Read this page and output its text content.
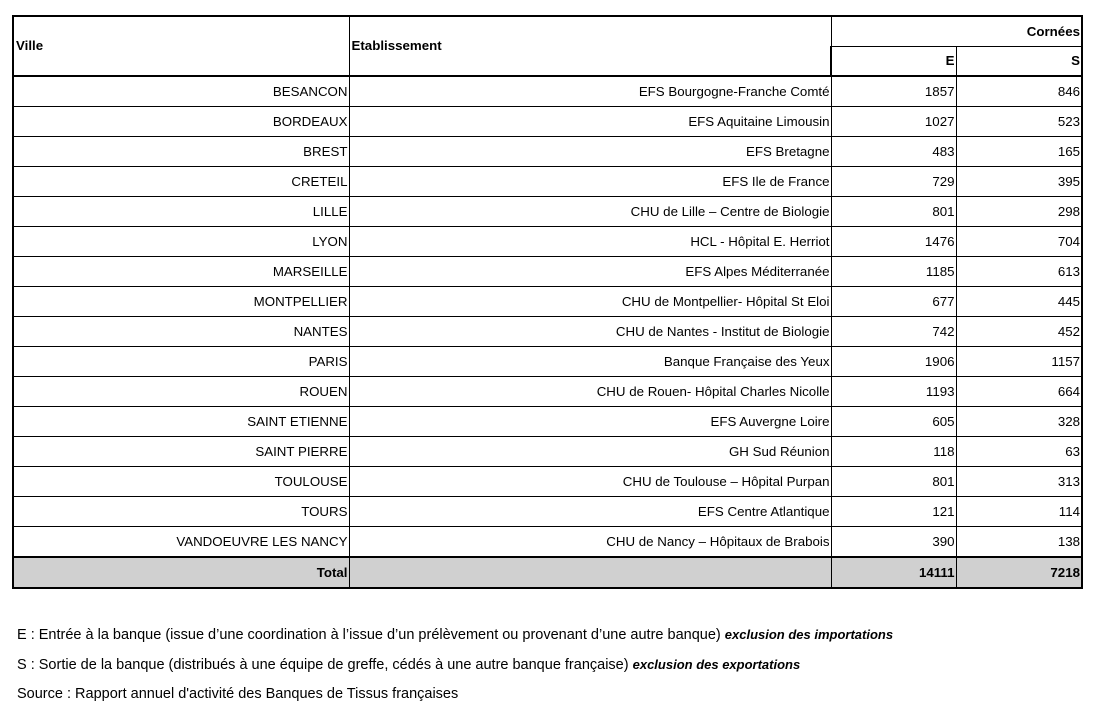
Ville	Etablissement	Cornées	
		E	S
BESANCON	EFS Bourgogne-Franche Comté	1857	846
BORDEAUX	EFS Aquitaine Limousin	1027	523
BREST	EFS Bretagne	483	165
CRETEIL	EFS Ile de France	729	395
LILLE	CHU de Lille – Centre de Biologie	801	298
LYON	HCL - Hôpital E. Herriot	1476	704
MARSEILLE	EFS Alpes Méditerranée	1185	613
MONTPELLIER	CHU de Montpellier- Hôpital St Eloi	677	445
NANTES	CHU de Nantes - Institut de Biologie	742	452
PARIS	Banque Française des Yeux	1906	1157
ROUEN	CHU de Rouen- Hôpital Charles Nicolle	1193	664
SAINT ETIENNE	EFS Auvergne Loire	605	328
SAINT PIERRE	GH Sud Réunion	118	63
TOULOUSE	CHU de Toulouse – Hôpital Purpan	801	313
TOURS	EFS Centre Atlantique	121	114
VANDOEUVRE LES NANCY	CHU de Nancy – Hôpitaux de Brabois	390	138
Total		14111	7218
E : Entrée à la banque (issue d’une coordination à l’issue d’un prélèvement ou provenant d’une autre banque) exclusion des importations
S : Sortie de la banque (distribués à une équipe de greffe, cédés à une autre banque française) exclusion des exportations
Source : Rapport annuel d'activité des Banques de Tissus françaises
